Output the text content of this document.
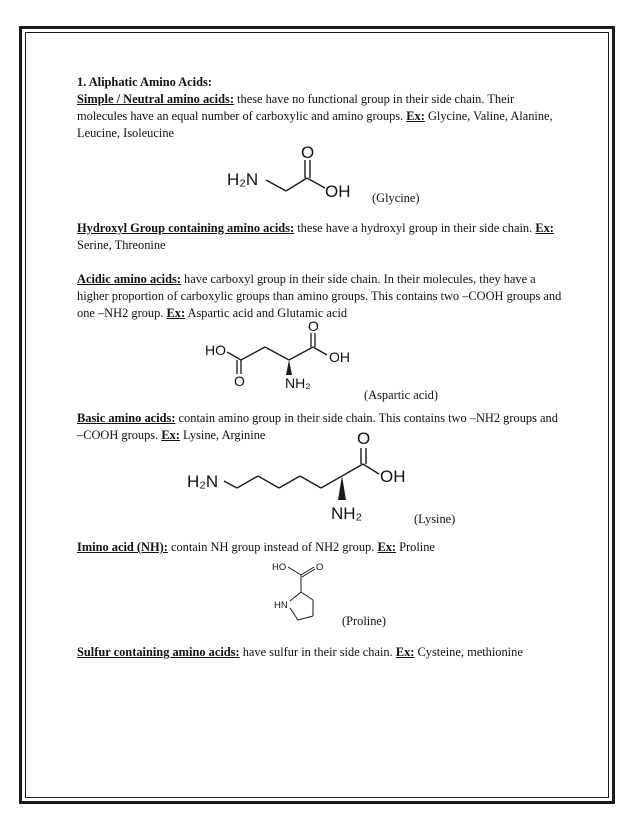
1. Aliphatic Amino Acids:

Simple / Neutral amino acids: these have no functional group in their side chain. Their molecules have an equal number of carboxylic and amino groups. Ex: Glycine, Valine, Alanine, Leucine, Isoleucine

H₂N
O
OH (Glycine)

Hydroxyl Group containing amino acids: these have a hydroxyl group in their side chain. Ex: Serine, Threonine

Acidic amino acids: have carboxyl group in their side chain. In their molecules, they have a higher proportion of carboxylic groups than amino groups. This contains two –COOH groups and one –NH2 group. Ex: Aspartic acid and Glutamic acid

HO
O	NH₂
O
OH
(Aspartic acid)

Basic amino acids: contain amino group in their side chain. This contains two –NH2 groups and –COOH groups. Ex: Lysine, Arginine

H₂N
NH₂
O
OH
(Lysine)

Imino acid (NH): contain NH group instead of NH2 group. Ex: Proline

HO	O
HN
(Proline)

Sulfur containing amino acids: have sulfur in their side chain. Ex: Cysteine, methionine
